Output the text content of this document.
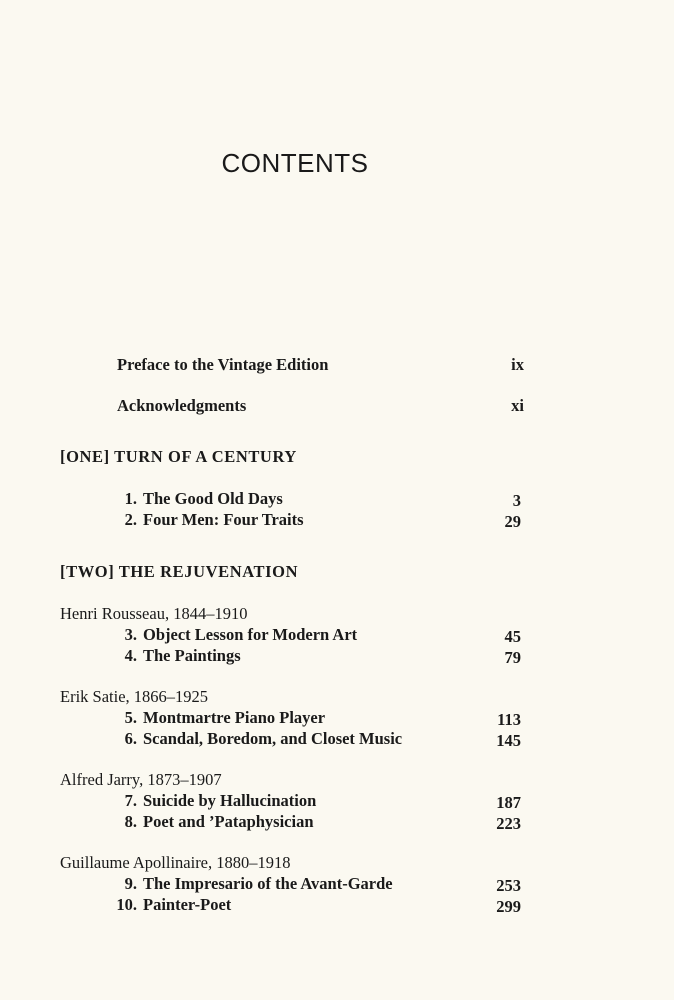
CONTENTS
Preface to the Vintage Edition	ix
Acknowledgments	xi
[ONE] TURN OF A CENTURY
1. The Good Old Days	3
2. Four Men: Four Traits	29
[TWO] THE REJUVENATION
Henri Rousseau, 1844–1910
3. Object Lesson for Modern Art	45
4. The Paintings	79
Erik Satie, 1866–1925
5. Montmartre Piano Player	113
6. Scandal, Boredom, and Closet Music	145
Alfred Jarry, 1873–1907
7. Suicide by Hallucination	187
8. Poet and ’Pataphysician	223
Guillaume Apollinaire, 1880–1918
9. The Impresario of the Avant-Garde	253
10. Painter-Poet	299
